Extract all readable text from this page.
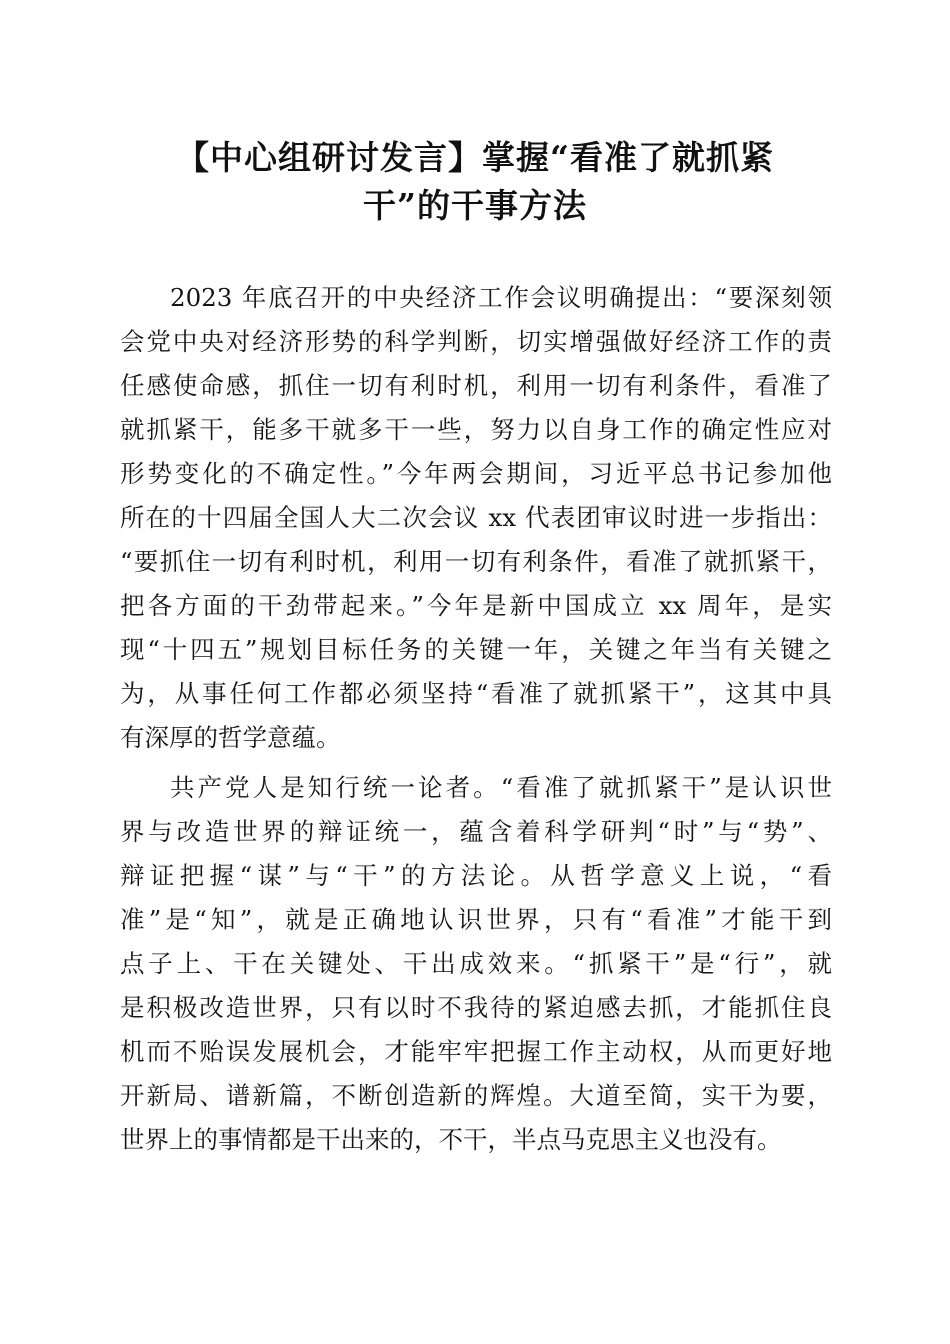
【中心组研讨发言】掌握“看准了就抓紧
干”的干事方法
2023 年底召开的中央经济工作会议明确提出：“要深刻领
会党中央对经济形势的科学判断，切实增强做好经济工作的责
任感使命感，抓住一切有利时机，利用一切有利条件，看准了
就抓紧干，能多干就多干一些，努力以自身工作的确定性应对
形势变化的不确定性。”今年两会期间，习近平总书记参加他
所在的十四届全国人大二次会议 xx 代表团审议时进一步指出：
“要抓住一切有利时机，利用一切有利条件，看准了就抓紧干，
把各方面的干劲带起来。”今年是新中国成立 xx 周年，是实
现“十四五”规划目标任务的关键一年，关键之年当有关键之
为，从事任何工作都必须坚持“看准了就抓紧干”，这其中具
有深厚的哲学意蕴。
共产党人是知行统一论者。“看准了就抓紧干”是认识世
界与改造世界的辩证统一，蕴含着科学研判“时”与“势”、
辩证把握“谋”与“干”的方法论。从哲学意义上说，“看
准”是“知”，就是正确地认识世界，只有“看准”才能干到
点子上、干在关键处、干出成效来。“抓紧干”是“行”，就
是积极改造世界，只有以时不我待的紧迫感去抓，才能抓住良
机而不贻误发展机会，才能牢牢把握工作主动权，从而更好地
开新局、谱新篇，不断创造新的辉煌。大道至简，实干为要，
世界上的事情都是干出来的，不干，半点马克思主义也没有。
